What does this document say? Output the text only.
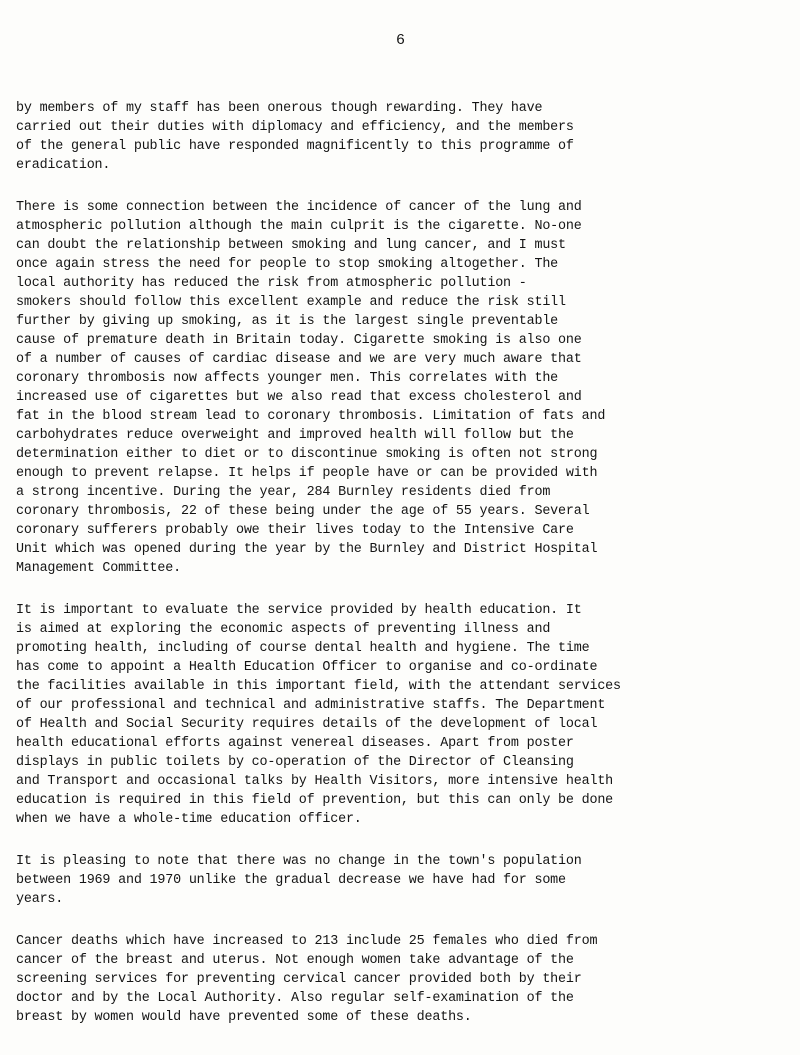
6

by members of my staff has been onerous though rewarding. They have
carried out their duties with diplomacy and efficiency, and the members
of the general public have responded magnificently to this programme of
eradication.

There is some connection between the incidence of cancer of the lung and
atmospheric pollution although the main culprit is the cigarette. No-one
can doubt the relationship between smoking and lung cancer, and I must
once again stress the need for people to stop smoking altogether. The
local authority has reduced the risk from atmospheric pollution -
smokers should follow this excellent example and reduce the risk still
further by giving up smoking, as it is the largest single preventable
cause of premature death in Britain today. Cigarette smoking is also one
of a number of causes of cardiac disease and we are very much aware that
coronary thrombosis now affects younger men. This correlates with the
increased use of cigarettes but we also read that excess cholesterol and
fat in the blood stream lead to coronary thrombosis. Limitation of fats and
carbohydrates reduce overweight and improved health will follow but the
determination either to diet or to discontinue smoking is often not strong
enough to prevent relapse. It helps if people have or can be provided with
a strong incentive. During the year, 284 Burnley residents died from
coronary thrombosis, 22 of these being under the age of 55 years. Several
coronary sufferers probably owe their lives today to the Intensive Care
Unit which was opened during the year by the Burnley and District Hospital
Management Committee.

It is important to evaluate the service provided by health education. It
is aimed at exploring the economic aspects of preventing illness and
promoting health, including of course dental health and hygiene. The time
has come to appoint a Health Education Officer to organise and co-ordinate
the facilities available in this important field, with the attendant services
of our professional and technical and administrative staffs. The Department
of Health and Social Security requires details of the development of local
health educational efforts against venereal diseases. Apart from poster
displays in public toilets by co-operation of the Director of Cleansing
and Transport and occasional talks by Health Visitors, more intensive health
education is required in this field of prevention, but this can only be done
when we have a whole-time education officer.

It is pleasing to note that there was no change in the town's population
between 1969 and 1970 unlike the gradual decrease we have had for some
years.

Cancer deaths which have increased to 213 include 25 females who died from
cancer of the breast and uterus. Not enough women take advantage of the
screening services for preventing cervical cancer provided both by their
doctor and by the Local Authority. Also regular self-examination of the
breast by women would have prevented some of these deaths.
